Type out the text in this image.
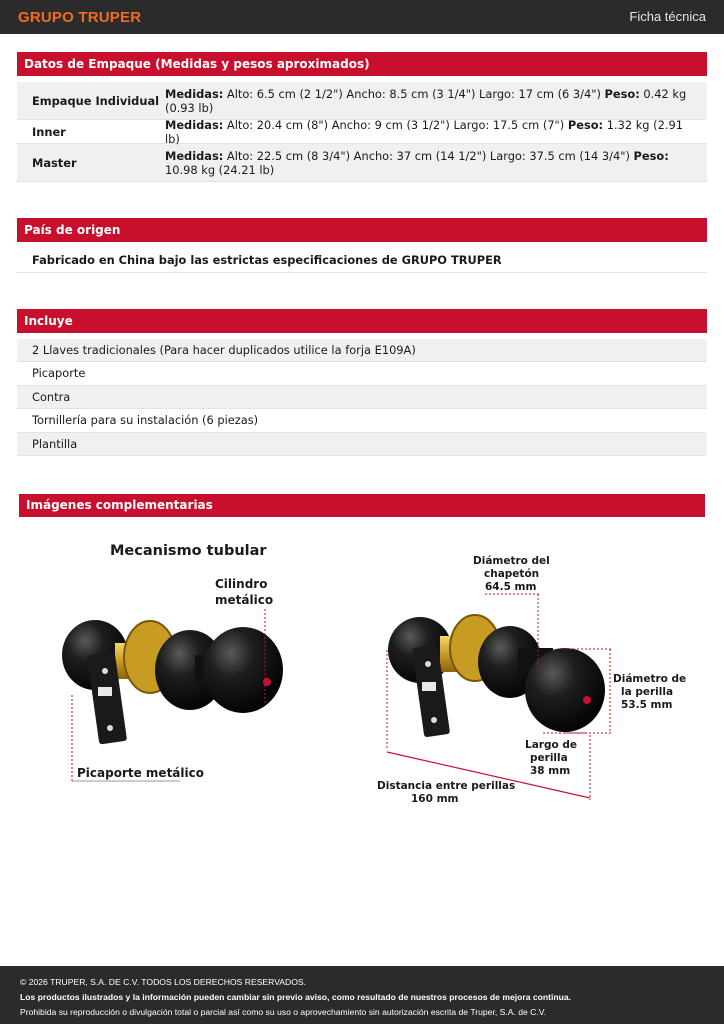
GRUPO TRUPER	Ficha técnica
Datos de Empaque (Medidas y pesos aproximados)
Empaque Individual Medidas: Alto: 6.5 cm (2 1/2") Ancho: 8.5 cm (3 1/4") Largo: 17 cm (6 3/4") Peso: 0.42 kg (0.93 lb)
Inner	Medidas: Alto: 20.4 cm (8") Ancho: 9 cm (3 1/2") Largo: 17.5 cm (7") Peso: 1.32 kg (2.91 lb)
Master	Medidas: Alto: 22.5 cm (8 3/4") Ancho: 37 cm (14 1/2") Largo: 37.5 cm (14 3/4") Peso: 10.98 kg (24.21 lb)
País de origen
Fabricado en China bajo las estrictas especificaciones de GRUPO TRUPER
Incluye
2 Llaves tradicionales (Para hacer duplicados utilice la forja E109A)
Picaporte
Contra
Tornillería para su instalación (6 piezas)
Plantilla
Imágenes complementarias
Mecanismo tubular
Cilindro
metálico
Picaporte metálico
Diámetro del
chapetón
64.5 mm
Diámetro de
la perilla
53.5 mm
Largo de
perilla
38 mm
Distancia entre perillas
160 mm
© 2026 TRUPER, S.A. DE C.V. TODOS LOS DERECHOS RESERVADOS.
Los productos ilustrados y la información pueden cambiar sin previo aviso, como resultado de nuestros procesos de mejora continua.
Prohibida su reproducción o divulgación total o parcial así como su uso o aprovechamiento sin autorización escrita de Truper, S.A. de C.V.
